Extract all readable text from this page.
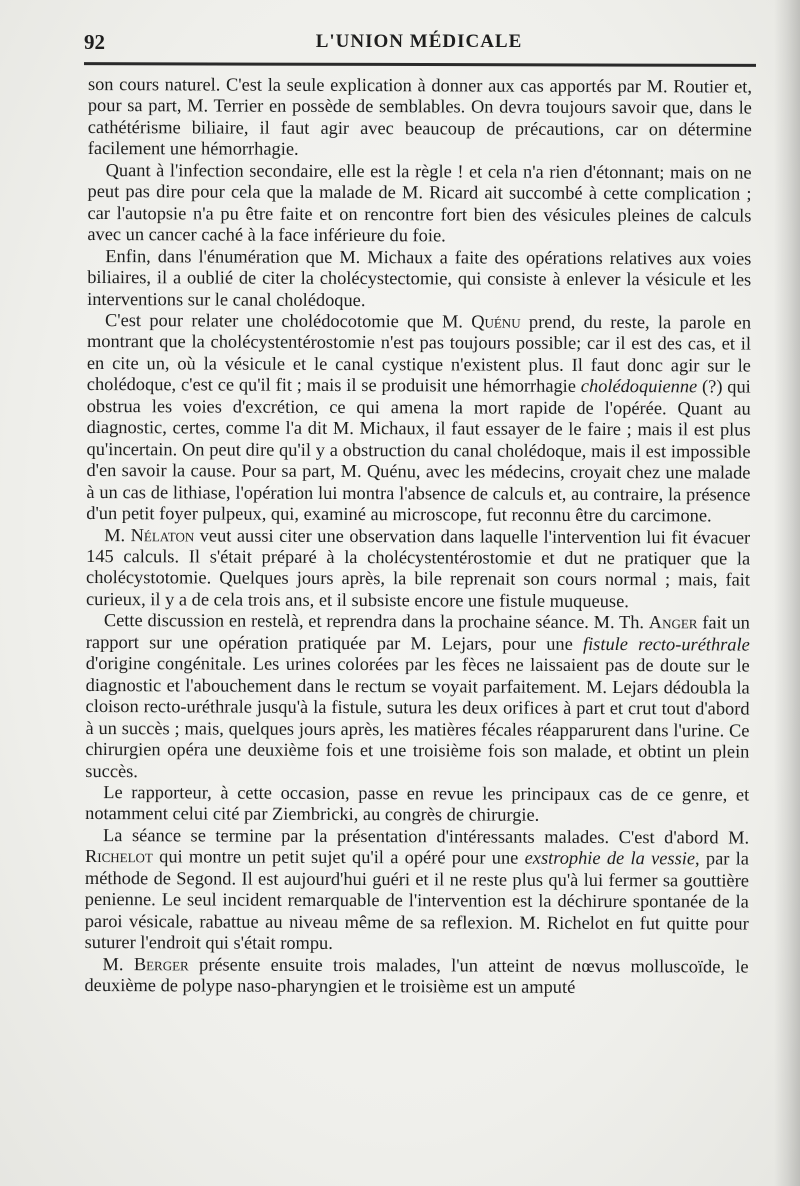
92	L'UNION MÉDICALE

son cours naturel. C'est la seule explication à donner aux cas apportés par M. Routier et, pour sa part, M. Terrier en possède de semblables. On devra toujours savoir que, dans le cathétérisme biliaire, il faut agir avec beaucoup de précautions, car on détermine facilement une hémorrhagie.

Quant à l'infection secondaire, elle est la règle ! et cela n'a rien d'étonnant; mais on ne peut pas dire pour cela que la malade de M. Ricard ait succombé à cette complication ; car l'autopsie n'a pu être faite et on rencontre fort bien des vésicules pleines de calculs avec un cancer caché à la face inférieure du foie.

Enfin, dans l'énumération que M. Michaux a faite des opérations relatives aux voies biliaires, il a oublié de citer la cholécystectomie, qui consiste à enlever la vésicule et les interventions sur le canal cholédoque.

C'est pour relater une cholédocotomie que M. Quénu prend, du reste, la parole en montrant que la cholécystentérostomie n'est pas toujours possible; car il est des cas, et il en cite un, où la vésicule et le canal cystique n'existent plus. Il faut donc agir sur le cholédoque, c'est ce qu'il fit ; mais il se produisit une hémorrhagie cholédoquienne (?) qui obstrua les voies d'excrétion, ce qui amena la mort rapide de l'opérée. Quant au diagnostic, certes, comme l'a dit M. Michaux, il faut essayer de le faire ; mais il est plus qu'incertain. On peut dire qu'il y a obstruction du canal cholédoque, mais il est impossible d'en savoir la cause. Pour sa part, M. Quénu, avec les médecins, croyait chez une malade à un cas de lithiase, l'opération lui montra l'absence de calculs et, au contraire, la présence d'un petit foyer pulpeux, qui, examiné au microscope, fut reconnu être du carcimone.

M. Nélaton veut aussi citer une observation dans laquelle l'intervention lui fit évacuer 145 calculs. Il s'était préparé à la cholécystentérostomie et dut ne pratiquer que la cholécystotomie. Quelques jours après, la bile reprenait son cours normal ; mais, fait curieux, il y a de cela trois ans, et il subsiste encore une fistule muqueuse.

Cette discussion en restelà, et reprendra dans la prochaine séance. M. Th. Anger fait un rapport sur une opération pratiquée par M. Lejars, pour une fistule recto-uréthrale d'origine congénitale. Les urines colorées par les fèces ne laissaient pas de doute sur le diagnostic et l'abouchement dans le rectum se voyait parfaitement. M. Lejars dédoubla la cloison recto-uréthrale jusqu'à la fistule, sutura les deux orifices à part et crut tout d'abord à un succès ; mais, quelques jours après, les matières fécales réapparurent dans l'urine. Ce chirurgien opéra une deuxième fois et une troisième fois son malade, et obtint un plein succès.

Le rapporteur, à cette occasion, passe en revue les principaux cas de ce genre, et notamment celui cité par Ziembricki, au congrès de chirurgie.

La séance se termine par la présentation d'intéressants malades. C'est d'abord M. Richelot qui montre un petit sujet qu'il a opéré pour une exstrophie de la vessie, par la méthode de Segond. Il est aujourd'hui guéri et il ne reste plus qu'à lui fermer sa gouttière penienne. Le seul incident remarquable de l'intervention est la déchirure spontanée de la paroi vésicale, rabattue au niveau même de sa reflexion. M. Richelot en fut quitte pour suturer l'endroit qui s'était rompu.

M. Berger présente ensuite trois malades, l'un atteint de nœvus molluscoïde, le deuxième de polype naso-pharyngien et le troisième est un amputé
